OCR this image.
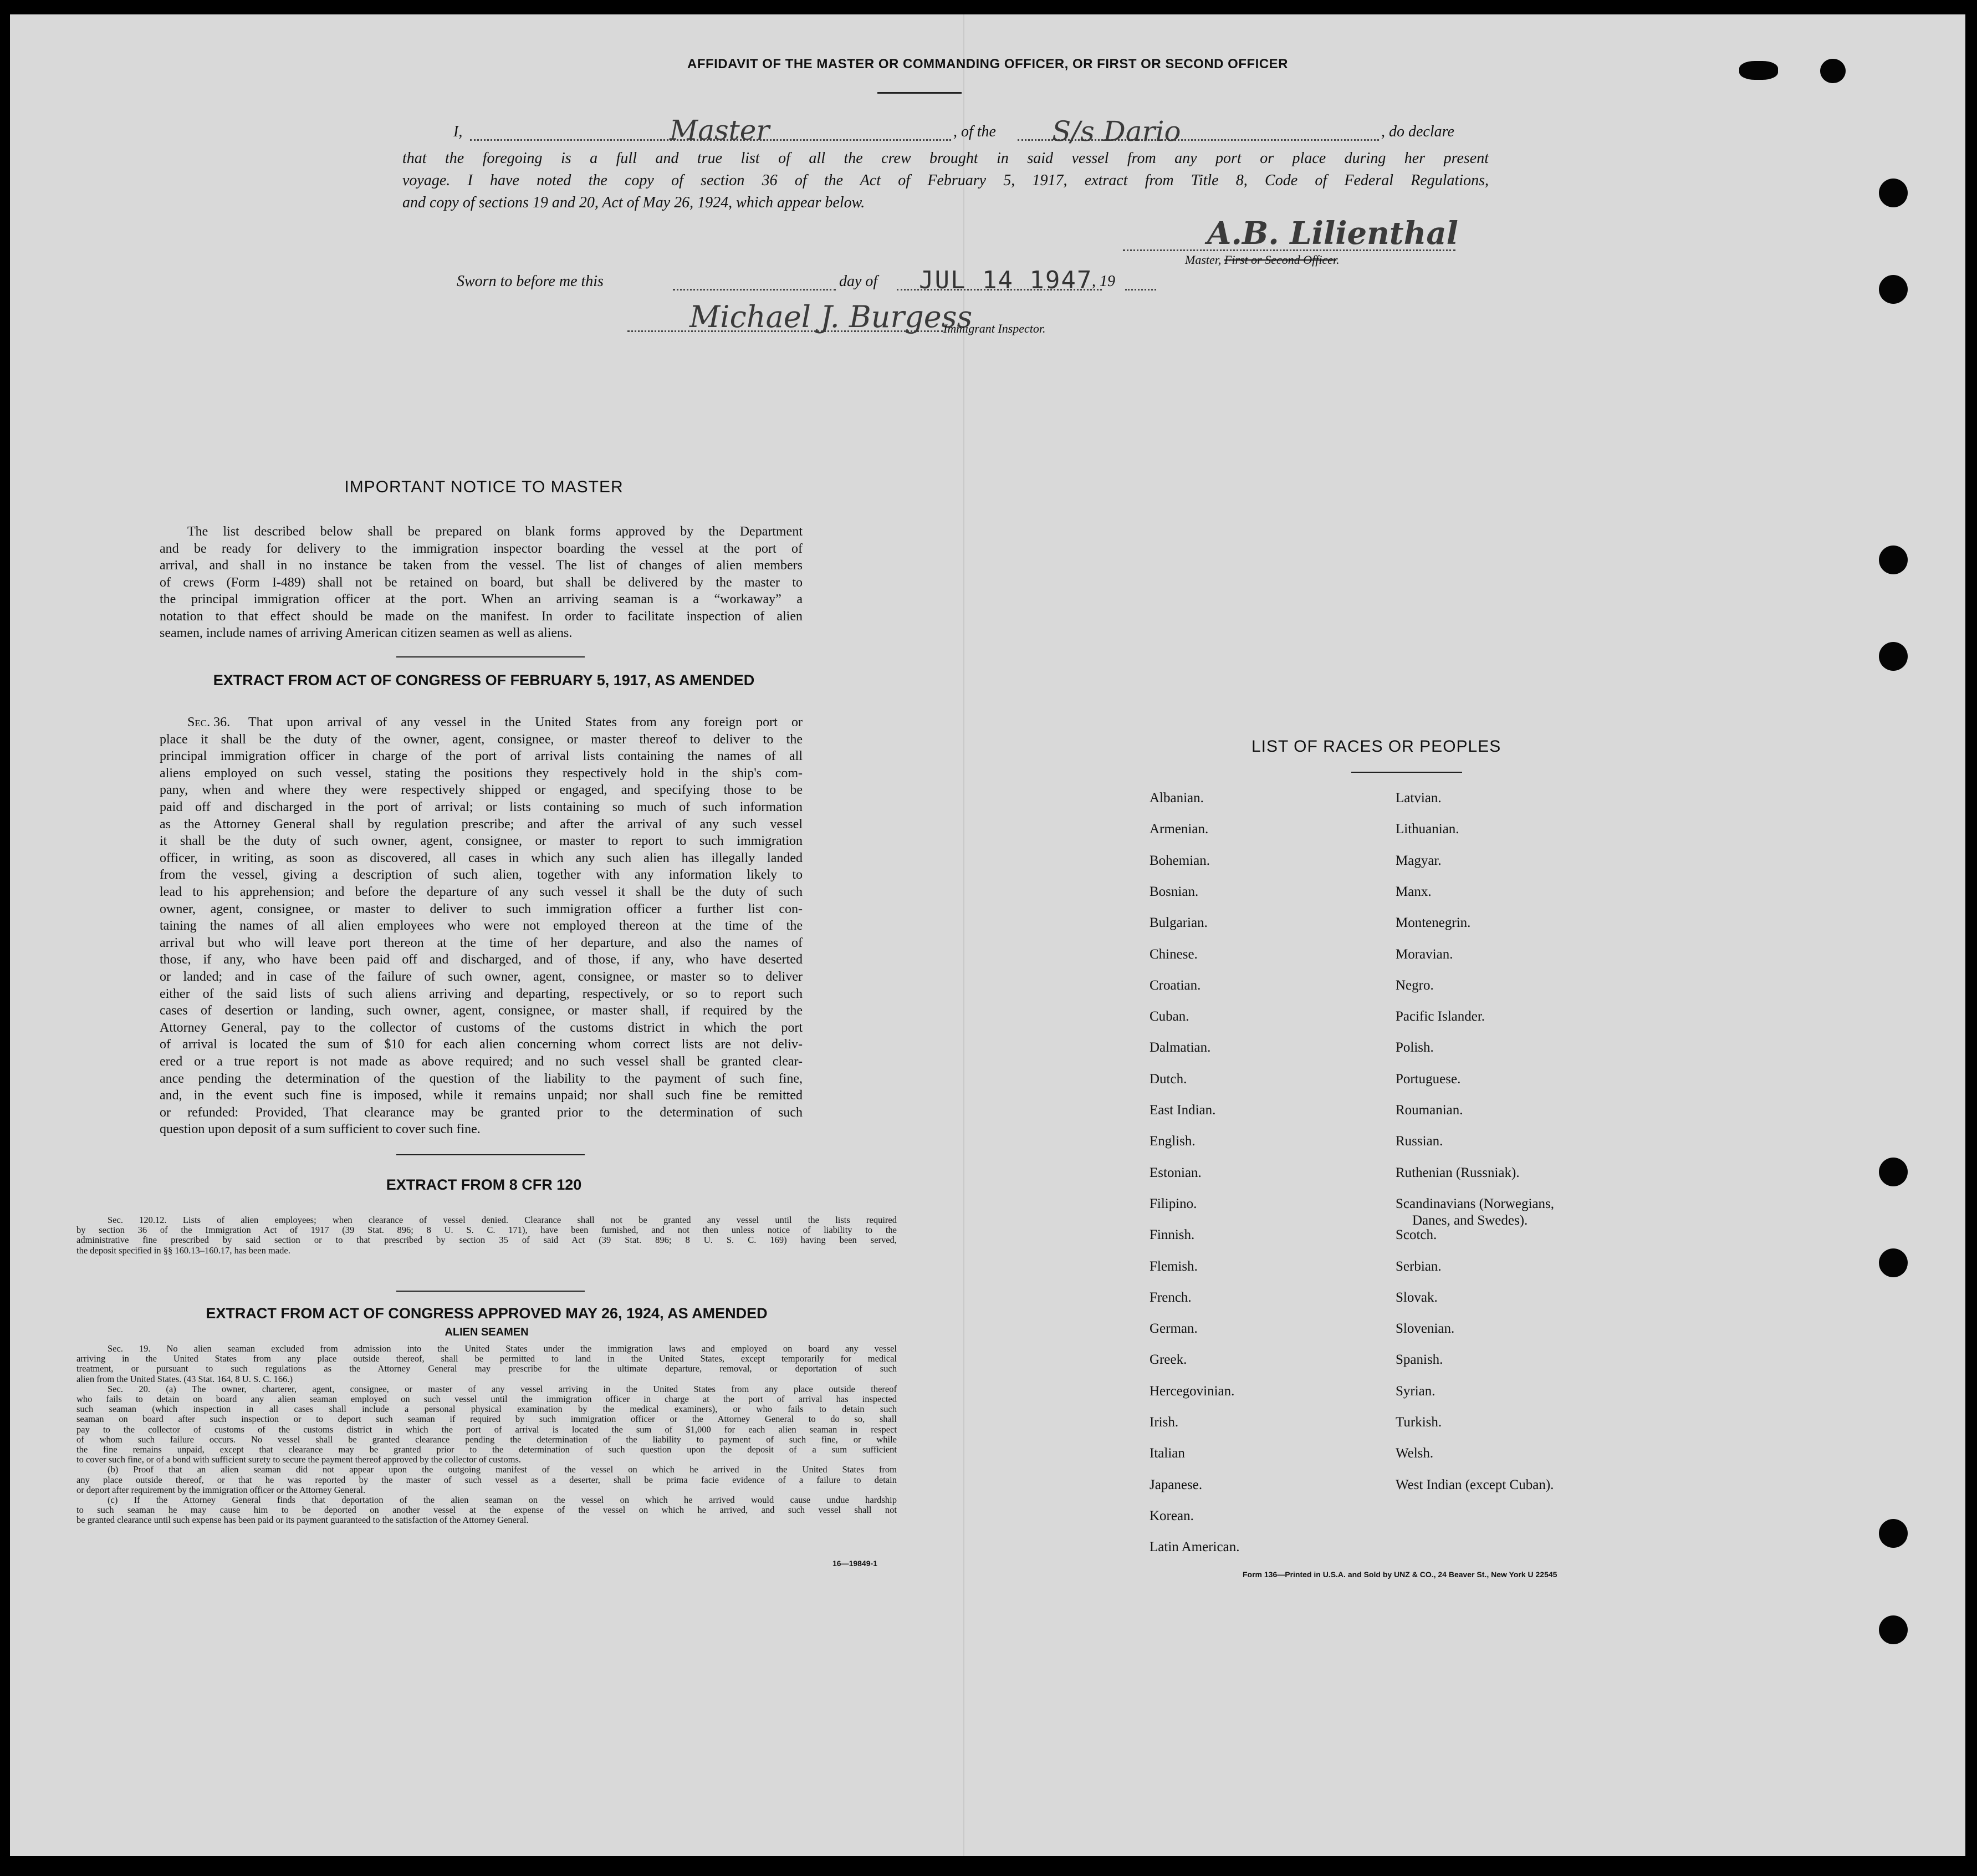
AFFIDAVIT OF THE MASTER OR COMMANDING OFFICER, OR FIRST OR SECOND OFFICER
I,	Master	, of the S/s Dario	, do declare
that the foregoing is a full and true list of all the crew brought in said vessel from any port or place during her present
voyage. I have noted the copy of section 36 of the Act of February 5, 1917, extract from Title 8, Code of Federal Regulations,
and copy of sections 19 and 20, Act of May 26, 1924, which appear below.
A.B. Lilienthal
Master, First or Second Officer.
Sworn to before me this	day of JUL 14 1947
, 19
Michael J. Burgess
Immigrant Inspector.
IMPORTANT NOTICE TO MASTER
The list described below shall be prepared on blank forms approved by the Department
and be ready for delivery to the immigration inspector boarding the vessel at the port of
arrival, and shall in no instance be taken from the vessel. The list of changes of alien members
of crews (Form I-489) shall not be retained on board, but shall be delivered by the master to
the principal immigration officer at the port. When an arriving seaman is a “workaway” a
notation to that effect should be made on the manifest. In order to facilitate inspection of alien
seamen, include names of arriving American citizen seamen as well as aliens.
EXTRACT FROM ACT OF CONGRESS OF FEBRUARY 5, 1917, AS AMENDED
Sec. 36. That upon arrival of any vessel in the United States from any foreign port or
place it shall be the duty of the owner, agent, consignee, or master thereof to deliver to the
principal immigration officer in charge of the port of arrival lists containing the names of all
aliens employed on such vessel, stating the positions they respectively hold in the ship's com-
pany, when and where they were respectively shipped or engaged, and specifying those to be
paid off and discharged in the port of arrival; or lists containing so much of such information
as the Attorney General shall by regulation prescribe; and after the arrival of any such vessel
it shall be the duty of such owner, agent, consignee, or master to report to such immigration
officer, in writing, as soon as discovered, all cases in which any such alien has illegally landed
from the vessel, giving a description of such alien, together with any information likely to
lead to his apprehension; and before the departure of any such vessel it shall be the duty of such
owner, agent, consignee, or master to deliver to such immigration officer a further list con-
taining the names of all alien employees who were not employed thereon at the time of the
arrival but who will leave port thereon at the time of her departure, and also the names of
those, if any, who have been paid off and discharged, and of those, if any, who have deserted
or landed; and in case of the failure of such owner, agent, consignee, or master so to deliver
either of the said lists of such aliens arriving and departing, respectively, or so to report such
cases of desertion or landing, such owner, agent, consignee, or master shall, if required by the
Attorney General, pay to the collector of customs of the customs district in which the port
of arrival is located the sum of $10 for each alien concerning whom correct lists are not deliv-
ered or a true report is not made as above required; and no such vessel shall be granted clear-
ance pending the determination of the question of the liability to the payment of such fine,
and, in the event such fine is imposed, while it remains unpaid; nor shall such fine be remitted
or refunded: Provided, That clearance may be granted prior to the determination of such
question upon deposit of a sum sufficient to cover such fine.
EXTRACT FROM 8 CFR 120
Sec. 120.12. Lists of alien employees; when clearance of vessel denied. Clearance shall not be granted any vessel until the lists required
by section 36 of the Immigration Act of 1917 (39 Stat. 896; 8 U. S. C. 171), have been furnished, and not then unless notice of liability to the
administrative fine prescribed by said section or to that prescribed by section 35 of said Act (39 Stat. 896; 8 U. S. C. 169) having been served,
the deposit specified in §§ 160.13–160.17, has been made.
EXTRACT FROM ACT OF CONGRESS APPROVED MAY 26, 1924, AS AMENDED
ALIEN SEAMEN
Sec. 19. No alien seaman excluded from admission into the United States under the immigration laws and employed on board any vessel
arriving in the United States from any place outside thereof, shall be permitted to land in the United States, except temporarily for medical
treatment, or pursuant to such regulations as the Attorney General may prescribe for the ultimate departure, removal, or deportation of such
alien from the United States. (43 Stat. 164, 8 U. S. C. 166.)
Sec. 20. (a) The owner, charterer, agent, consignee, or master of any vessel arriving in the United States from any place outside thereof
who fails to detain on board any alien seaman employed on such vessel until the immigration officer in charge at the port of arrival has inspected
such seaman (which inspection in all cases shall include a personal physical examination by the medical examiners), or who fails to detain such
seaman on board after such inspection or to deport such seaman if required by such immigration officer or the Attorney General to do so, shall
pay to the collector of customs of the customs district in which the port of arrival is located the sum of $1,000 for each alien seaman in respect
of whom such failure occurs. No vessel shall be granted clearance pending the determination of the liability to payment of such fine, or while
the fine remains unpaid, except that clearance may be granted prior to the determination of such question upon the deposit of a sum sufficient
to cover such fine, or of a bond with sufficient surety to secure the payment thereof approved by the collector of customs.
(b) Proof that an alien seaman did not appear upon the outgoing manifest of the vessel on which he arrived in the United States from
any place outside thereof, or that he was reported by the master of such vessel as a deserter, shall be prima facie evidence of a failure to detain
or deport after requirement by the immigration officer or the Attorney General.
(c) If the Attorney General finds that deportation of the alien seaman on the vessel on which he arrived would cause undue hardship
to such seaman he may cause him to be deported on another vessel at the expense of the vessel on which he arrived, and such vessel shall not
be granted clearance until such expense has been paid or its payment guaranteed to the satisfaction of the Attorney General.
16—19849-1
LIST OF RACES OR PEOPLES
Albanian.
Armenian.
Bohemian.
Bosnian.
Bulgarian.
Chinese.
Croatian.
Cuban.
Dalmatian.
Dutch.
East Indian.
English.
Estonian.
Filipino.
Finnish.
Flemish.
French.
German.
Greek.
Hercegovinian.
Irish.
Italian
Japanese.
Korean.
Latin American.
Latvian.
Lithuanian.
Magyar.
Manx.
Montenegrin.
Moravian.
Negro.
Pacific Islander.
Polish.
Portuguese.
Roumanian.
Russian.
Ruthenian (Russniak).
Scandinavians (Norwegians,
Danes, and Swedes).
Scotch.
Serbian.
Slovak.
Slovenian.
Spanish.
Syrian.
Turkish.
Welsh.
West Indian (except Cuban).
Form 136—Printed in U.S.A. and Sold by UNZ & CO., 24 Beaver St., New York U 22545
